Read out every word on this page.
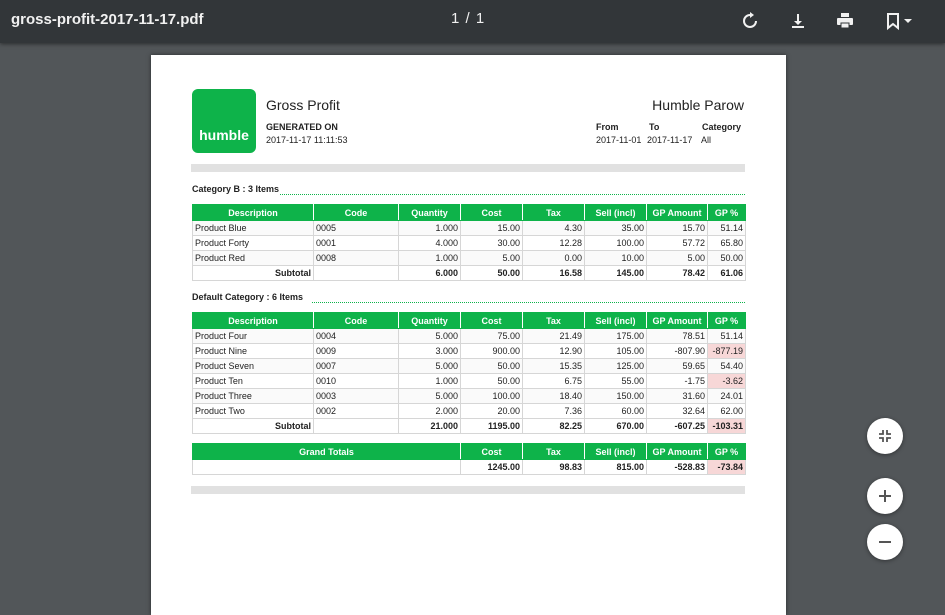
gross-profit-2017-11-17.pdf	1 / 1
humble
Gross Profit
GENERATED ON
2017-11-17 11:11:53
Humble Parow
From
2017-11-01
To
2017-11-17
Category
All
Category B : 3 Items
Description	Code	Quantity	Cost	Tax	Sell (incl)	GP Amount	GP %
Product Blue	0005	1.000	15.00	4.30	35.00	15.70	51.14
Product Forty	0001	4.000	30.00	12.28	100.00	57.72	65.80
Product Red	0008	1.000	5.00	0.00	10.00	5.00	50.00
Subtotal		6.000	50.00	16.58	145.00	78.42	61.06
Default Category : 6 Items
Description	Code	Quantity	Cost	Tax	Sell (incl)	GP Amount	GP %
Product Four	0004	5.000	75.00	21.49	175.00	78.51	51.14
Product Nine	0009	3.000	900.00	12.90	105.00	-807.90	-877.19
Product Seven	0007	5.000	50.00	15.35	125.00	59.65	54.40
Product Ten	0010	1.000	50.00	6.75	55.00	-1.75	-3.62
Product Three	0003	5.000	100.00	18.40	150.00	31.60	24.01
Product Two	0002	2.000	20.00	7.36	60.00	32.64	62.00
Subtotal		21.000	1195.00	82.25	670.00	-607.25	-103.31
Grand Totals	Cost	Tax	Sell (incl)	GP Amount	GP %
	1245.00	98.83	815.00	-528.83	-73.84
